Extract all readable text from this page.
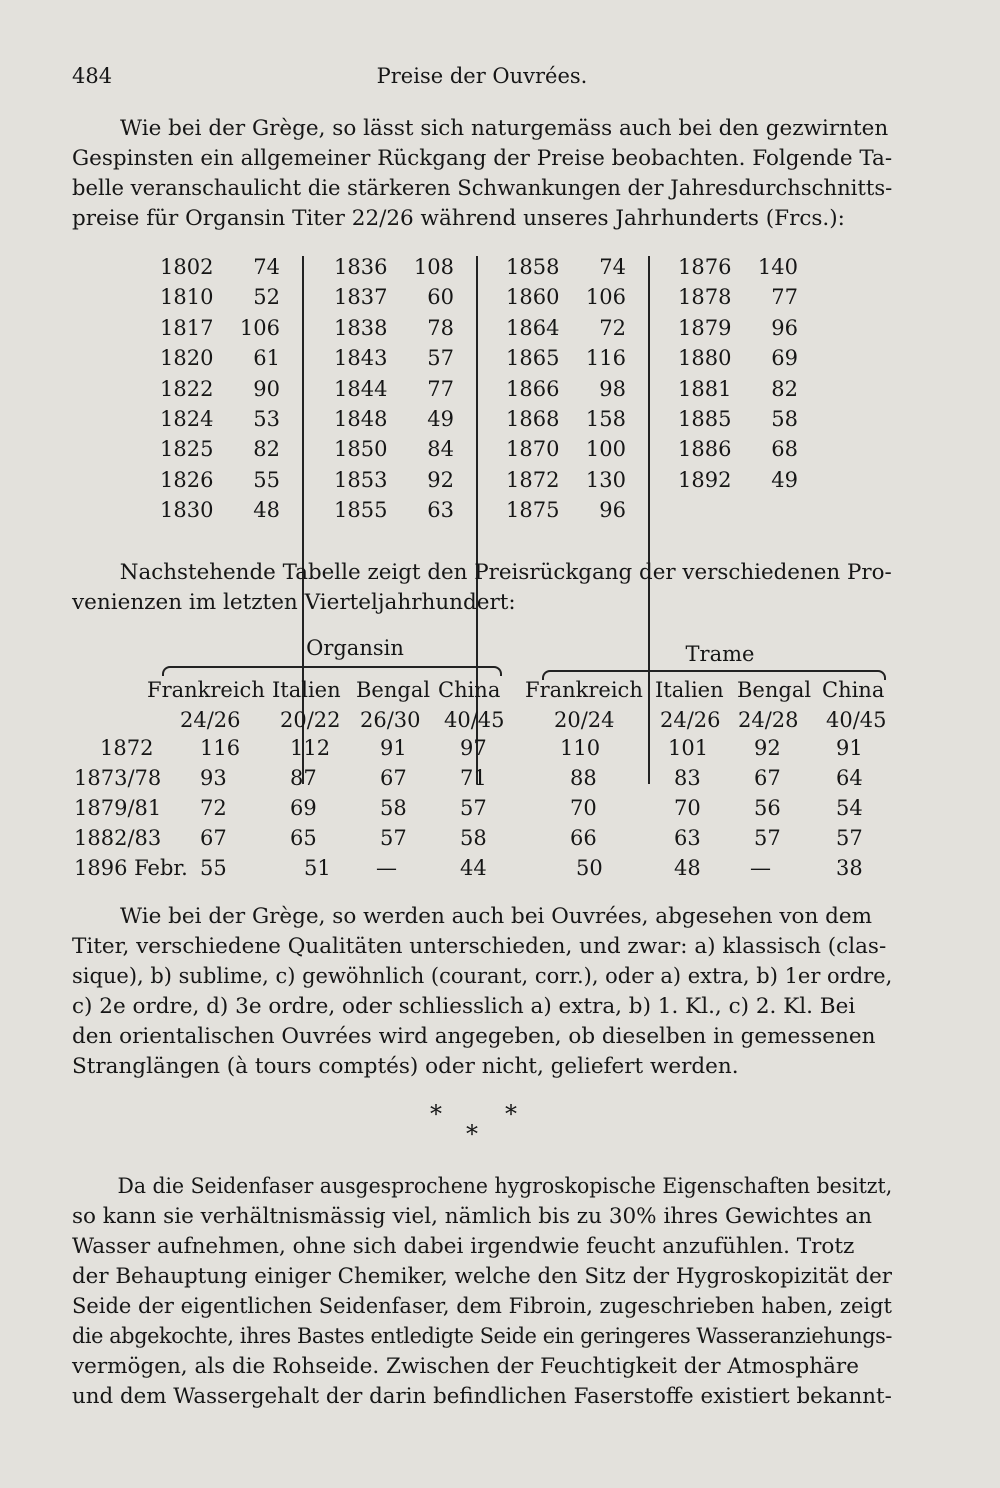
484	Preise der Ouvrées.
Wie bei der Grège, so lässt sich naturgemäss auch bei den gezwirnten
Gespinsten ein allgemeiner Rückgang der Preise beobachten. Folgende Ta-
belle veranschaulicht die stärkeren Schwankungen der Jahresdurchschnitts-
preise für Organsin Titer 22/26 während unseres Jahrhunderts (Frcs.):
1802 74
1810 52
1817 106
1820 61
1822 90
1824 53
1825 82
1826 55
1830 48
1836 108
1837 60
1838 78
1843 57
1844 77
1848 49
1850 84
1853 92
1855 63
1858 74
1860 106
1864 72
1865 116
1866 98
1868 158
1870 100
1872 130
1875 96
1876 140
1878 77
1879 96
1880 69
1881 82
1885 58
1886 68
1892 49
Nachstehende Tabelle zeigt den Preisrückgang der verschiedenen Pro-
venienzen im letzten Vierteljahrhundert:
Organsin	Trame
Frankreich Italien Bengal China Frankreich Italien Bengal China
24/26 20/22 26/30 40/45 20/24 24/26 24/28 40/45
1872 116 112 91	97	110	101 92	91
1873/78 93	87	67	71	88	83	67	64
1879/81 72	69	58	57	70	70	56	54
1882/83 67	65	57	58	66	63	57	57
1896 Febr. 55	51 —	44	50	48 —	38
Wie bei der Grège, so werden auch bei Ouvrées, abgesehen von dem
Titer, verschiedene Qualitäten unterschieden, und zwar: a) klassisch (clas-
sique), b) sublime, c) gewöhnlich (courant, corr.), oder a) extra, b) 1er ordre,
c) 2e ordre, d) 3e ordre, oder schliesslich a) extra, b) 1. Kl., c) 2. Kl. Bei
den orientalischen Ouvrées wird angegeben, ob dieselben in gemessenen
Stranglängen (à tours comptés) oder nicht, geliefert werden.
*	*
*
Da die Seidenfaser ausgesprochene hygroskopische Eigenschaften besitzt,
so kann sie verhältnismässig viel, nämlich bis zu 30% ihres Gewichtes an
Wasser aufnehmen, ohne sich dabei irgendwie feucht anzufühlen. Trotz
der Behauptung einiger Chemiker, welche den Sitz der Hygroskopizität der
Seide der eigentlichen Seidenfaser, dem Fibroin, zugeschrieben haben, zeigt
die abgekochte, ihres Bastes entledigte Seide ein geringeres Wasseranziehungs-
vermögen, als die Rohseide. Zwischen der Feuchtigkeit der Atmosphäre
und dem Wassergehalt der darin befindlichen Faserstoffe existiert bekannt-
